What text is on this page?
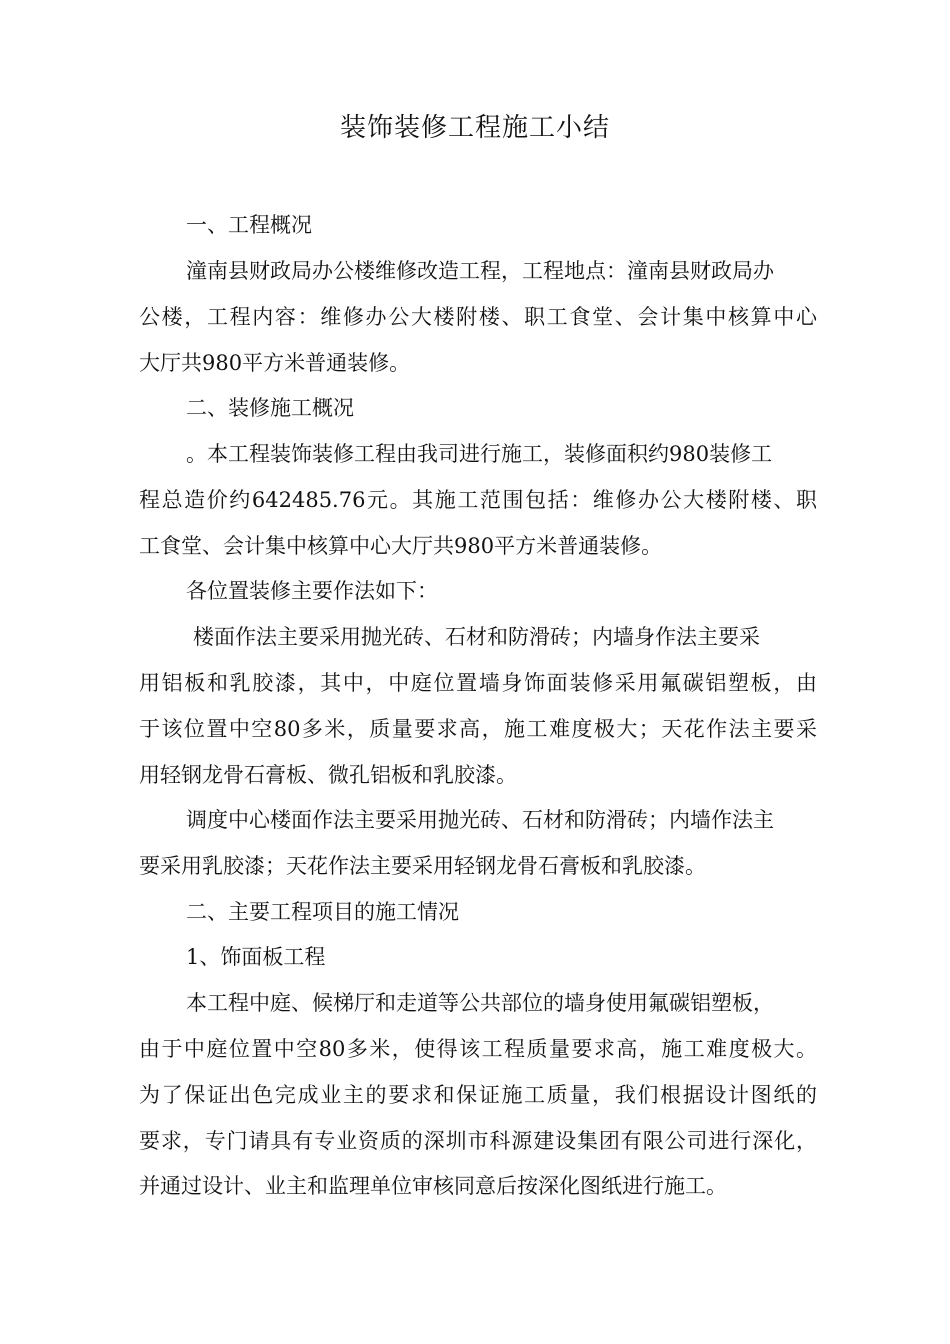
装饰装修工程施工小结
一、工程概况
潼南县财政局办公楼维修改造工程，工程地点：潼南县财政局办
公楼，工程内容：维修办公大楼附楼、职工食堂、会计集中核算中心
大厅共980平方米普通装修。
二、装修施工概况
。本工程装饰装修工程由我司进行施工，装修面积约980装修工
程总造价约642485.76元。其施工范围包括：维修办公大楼附楼、职
工食堂、会计集中核算中心大厅共980平方米普通装修。
各位置装修主要作法如下：
楼面作法主要采用抛光砖、石材和防滑砖；内墙身作法主要采
用铝板和乳胶漆，其中，中庭位置墙身饰面装修采用氟碳铝塑板，由
于该位置中空80多米，质量要求高，施工难度极大；天花作法主要采
用轻钢龙骨石膏板、微孔铝板和乳胶漆。
调度中心楼面作法主要采用抛光砖、石材和防滑砖；内墙作法主
要采用乳胶漆；天花作法主要采用轻钢龙骨石膏板和乳胶漆。
二、主要工程项目的施工情况
1、饰面板工程
本工程中庭、候梯厅和走道等公共部位的墙身使用氟碳铝塑板，
由于中庭位置中空80多米，使得该工程质量要求高，施工难度极大。
为了保证出色完成业主的要求和保证施工质量，我们根据设计图纸的
要求，专门请具有专业资质的深圳市科源建设集团有限公司进行深化，
并通过设计、业主和监理单位审核同意后按深化图纸进行施工。
